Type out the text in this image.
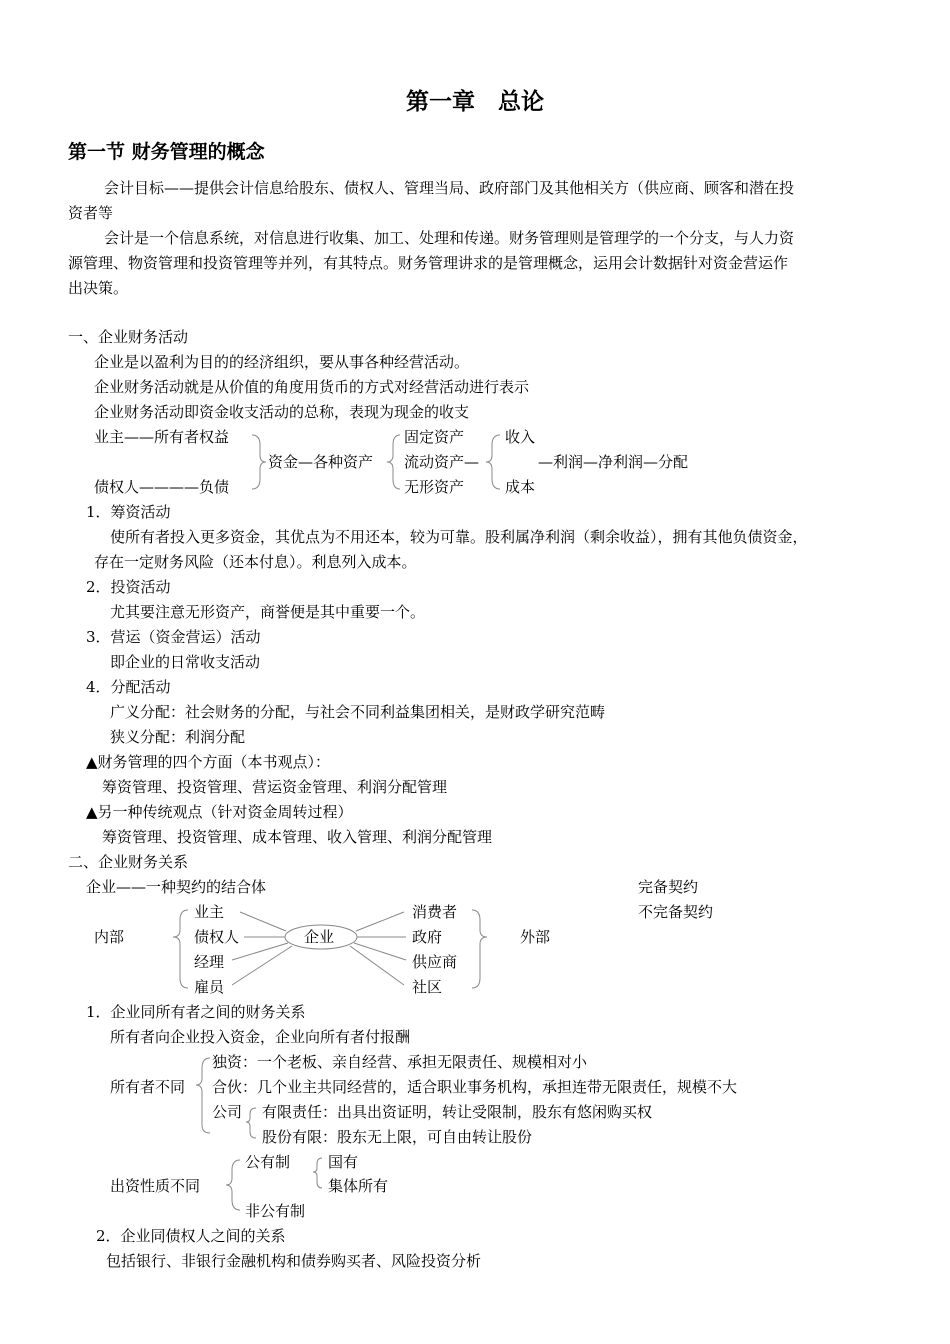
第一章　总论
第一节 财务管理的概念
会计目标——提供会计信息给股东、债权人、管理当局、政府部门及其他相关方（供应商、顾客和潜在投
资者等
会计是一个信息系统，对信息进行收集、加工、处理和传递。财务管理则是管理学的一个分支，与人力资
源管理、物资管理和投资管理等并列，有其特点。财务管理讲求的是管理概念，运用会计数据针对资金营运作
出决策。
一、企业财务活动
企业是以盈利为目的的经济组织，要从事各种经营活动。
企业财务活动就是从价值的角度用货币的方式对经营活动进行表示
企业财务活动即资金收支活动的总称，表现为现金的收支
业主——所有者权益
债权人————负债
资金—各种资产
固定资产
流动资产—
无形资产
收入
—利润—净利润—分配
成本
1．筹资活动
使所有者投入更多资金，其优点为不用还本，较为可靠。股利属净利润（剩余收益），拥有其他负债资金，
存在一定财务风险（还本付息）。利息列入成本。
2．投资活动
尤其要注意无形资产，商誉便是其中重要一个。
3．营运（资金营运）活动
即企业的日常收支活动
4．分配活动
广义分配：社会财务的分配，与社会不同利益集团相关，是财政学研究范畴
狭义分配：利润分配
▲财务管理的四个方面（本书观点）：
筹资管理、投资管理、营运资金管理、利润分配管理
▲另一种传统观点（针对资金周转过程）
筹资管理、投资管理、成本管理、收入管理、利润分配管理
二、企业财务关系
企业——一种契约的结合体	完备契约
不完备契约
内部	外部
业主
债权人
经理
雇员
企业
消费者
政府
供应商
社区
1．企业同所有者之间的财务关系
所有者向企业投入资金，企业向所有者付报酬
所有者不同
独资：一个老板、亲自经营、承担无限责任、规模相对小
合伙：几个业主共同经营的，适合职业事务机构，承担连带无限责任，规模不大
公司 有限责任：出具出资证明，转让受限制，股东有悠闲购买权
股份有限：股东无上限，可自由转让股份
出资性质不同
公有制	国有
集体所有
非公有制
2．企业同债权人之间的关系
包括银行、非银行金融机构和债券购买者、风险投资分析
